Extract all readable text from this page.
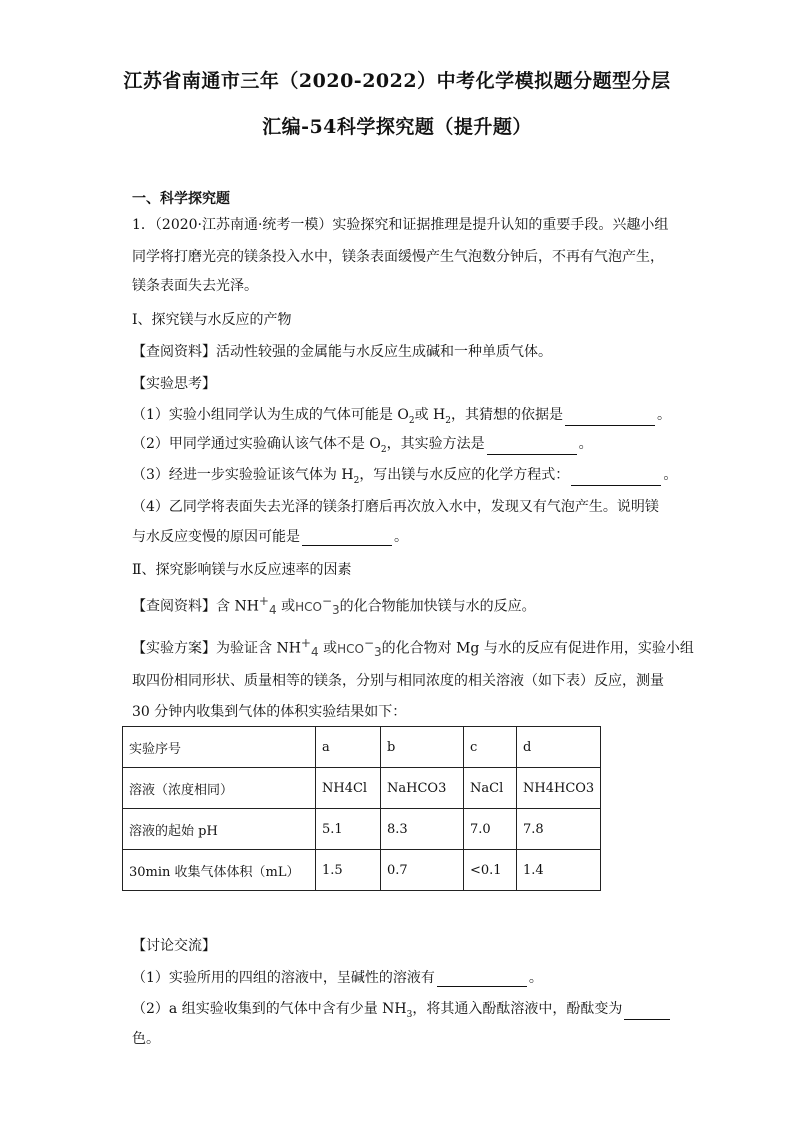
江苏省南通市三年（2020-2022）中考化学模拟题分题型分层
汇编-54科学探究题（提升题）
一、科学探究题
1．（2020·江苏南通·统考一模）实验探究和证据推理是提升认知的重要手段。兴趣小组
同学将打磨光亮的镁条投入水中，镁条表面缓慢产生气泡数分钟后，不再有气泡产生，
镁条表面失去光泽。
Ⅰ、探究镁与水反应的产物
【查阅资料】活动性较强的金属能与水反应生成碱和一种单质气体。
【实验思考】
（1）实验小组同学认为生成的气体可能是 $O_2$或 $H_2$，其猜想的依据是	。
（2）甲同学通过实验确认该气体不是 $O_2$，其实验方法是	。
（3）经进一步实验验证该气体为 $H_2$，写出镁与水反应的化学方程式：	。
（4）乙同学将表面失去光泽的镁条打磨后再次放入水中，发现又有气泡产生。说明镁
与水反应变慢的原因可能是	。
Ⅱ、探究影响镁与水反应速率的因素
【查阅资料】含 $NH^+_4$ 或$HCO^-_3$的化合物能加快镁与水的反应。
【实验方案】为验证含 $NH^+_4$ 或$HCO^-_3$的化合物对 Mg 与水的反应有促进作用，实验小组
取四份相同形状、质量相等的镁条，分别与相同浓度的相关溶液（如下表）反应，测量
30 分钟内收集到气体的体积实验结果如下：
实验序号	a	b	c	d
溶液（浓度相同）	NH4Cl	NaHCO3	NaCl	NH4HCO3
溶液的起始 pH	5.1	8.3	7.0	7.8
30min 收集气体体积（mL）	1.5	0.7	<0.1	1.4
【讨论交流】
（1）实验所用的四组的溶液中，呈碱性的溶液有	。
（2）a 组实验收集到的气体中含有少量 $NH_3$，将其通入酚酞溶液中，酚酞变为
色。
